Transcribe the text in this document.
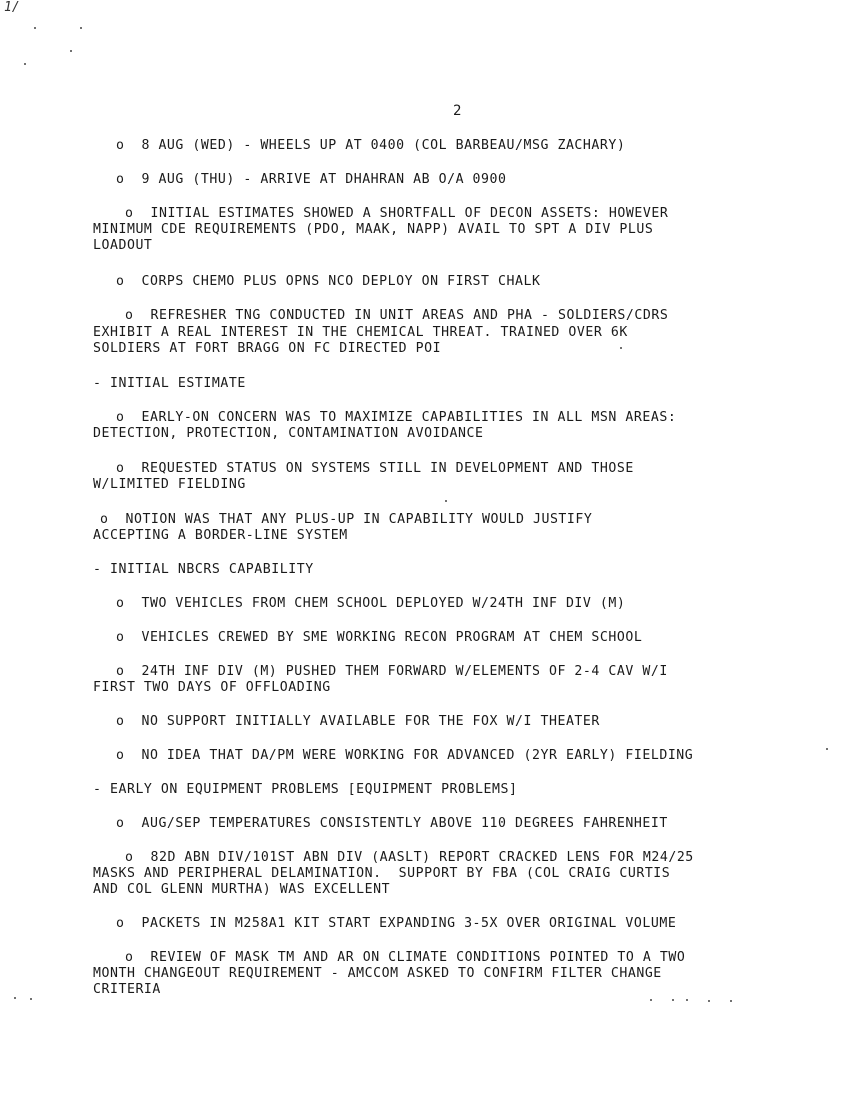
1/
2
o  8 AUG (WED) - WHEELS UP AT 0400 (COL BARBEAU/MSG ZACHARY)
o  9 AUG (THU) - ARRIVE AT DHAHRAN AB O/A 0900
o  INITIAL ESTIMATES SHOWED A SHORTFALL OF DECON ASSETS: HOWEVER
MINIMUM CDE REQUIREMENTS (PDO, MAAK, NAPP) AVAIL TO SPT A DIV PLUS
LOADOUT
o  CORPS CHEMO PLUS OPNS NCO DEPLOY ON FIRST CHALK
o  REFRESHER TNG CONDUCTED IN UNIT AREAS AND PHA - SOLDIERS/CDRS
EXHIBIT A REAL INTEREST IN THE CHEMICAL THREAT. TRAINED OVER 6K
SOLDIERS AT FORT BRAGG ON FC DIRECTED POI
- INITIAL ESTIMATE
o  EARLY-ON CONCERN WAS TO MAXIMIZE CAPABILITIES IN ALL MSN AREAS:
DETECTION, PROTECTION, CONTAMINATION AVOIDANCE
o  REQUESTED STATUS ON SYSTEMS STILL IN DEVELOPMENT AND THOSE
W/LIMITED FIELDING
o  NOTION WAS THAT ANY PLUS-UP IN CAPABILITY WOULD JUSTIFY
ACCEPTING A BORDER-LINE SYSTEM
- INITIAL NBCRS CAPABILITY
o  TWO VEHICLES FROM CHEM SCHOOL DEPLOYED W/24TH INF DIV (M)
o  VEHICLES CREWED BY SME WORKING RECON PROGRAM AT CHEM SCHOOL
o  24TH INF DIV (M) PUSHED THEM FORWARD W/ELEMENTS OF 2-4 CAV W/I
FIRST TWO DAYS OF OFFLOADING
o  NO SUPPORT INITIALLY AVAILABLE FOR THE FOX W/I THEATER
o  NO IDEA THAT DA/PM WERE WORKING FOR ADVANCED (2YR EARLY) FIELDING
- EARLY ON EQUIPMENT PROBLEMS [EQUIPMENT PROBLEMS]
o  AUG/SEP TEMPERATURES CONSISTENTLY ABOVE 110 DEGREES FAHRENHEIT
o  82D ABN DIV/101ST ABN DIV (AASLT) REPORT CRACKED LENS FOR M24/25
MASKS AND PERIPHERAL DELAMINATION.  SUPPORT BY FBA (COL CRAIG CURTIS
AND COL GLENN MURTHA) WAS EXCELLENT
o  PACKETS IN M258A1 KIT START EXPANDING 3-5X OVER ORIGINAL VOLUME
o  REVIEW OF MASK TM AND AR ON CLIMATE CONDITIONS POINTED TO A TWO
MONTH CHANGEOUT REQUIREMENT - AMCCOM ASKED TO CONFIRM FILTER CHANGE
CRITERIA
